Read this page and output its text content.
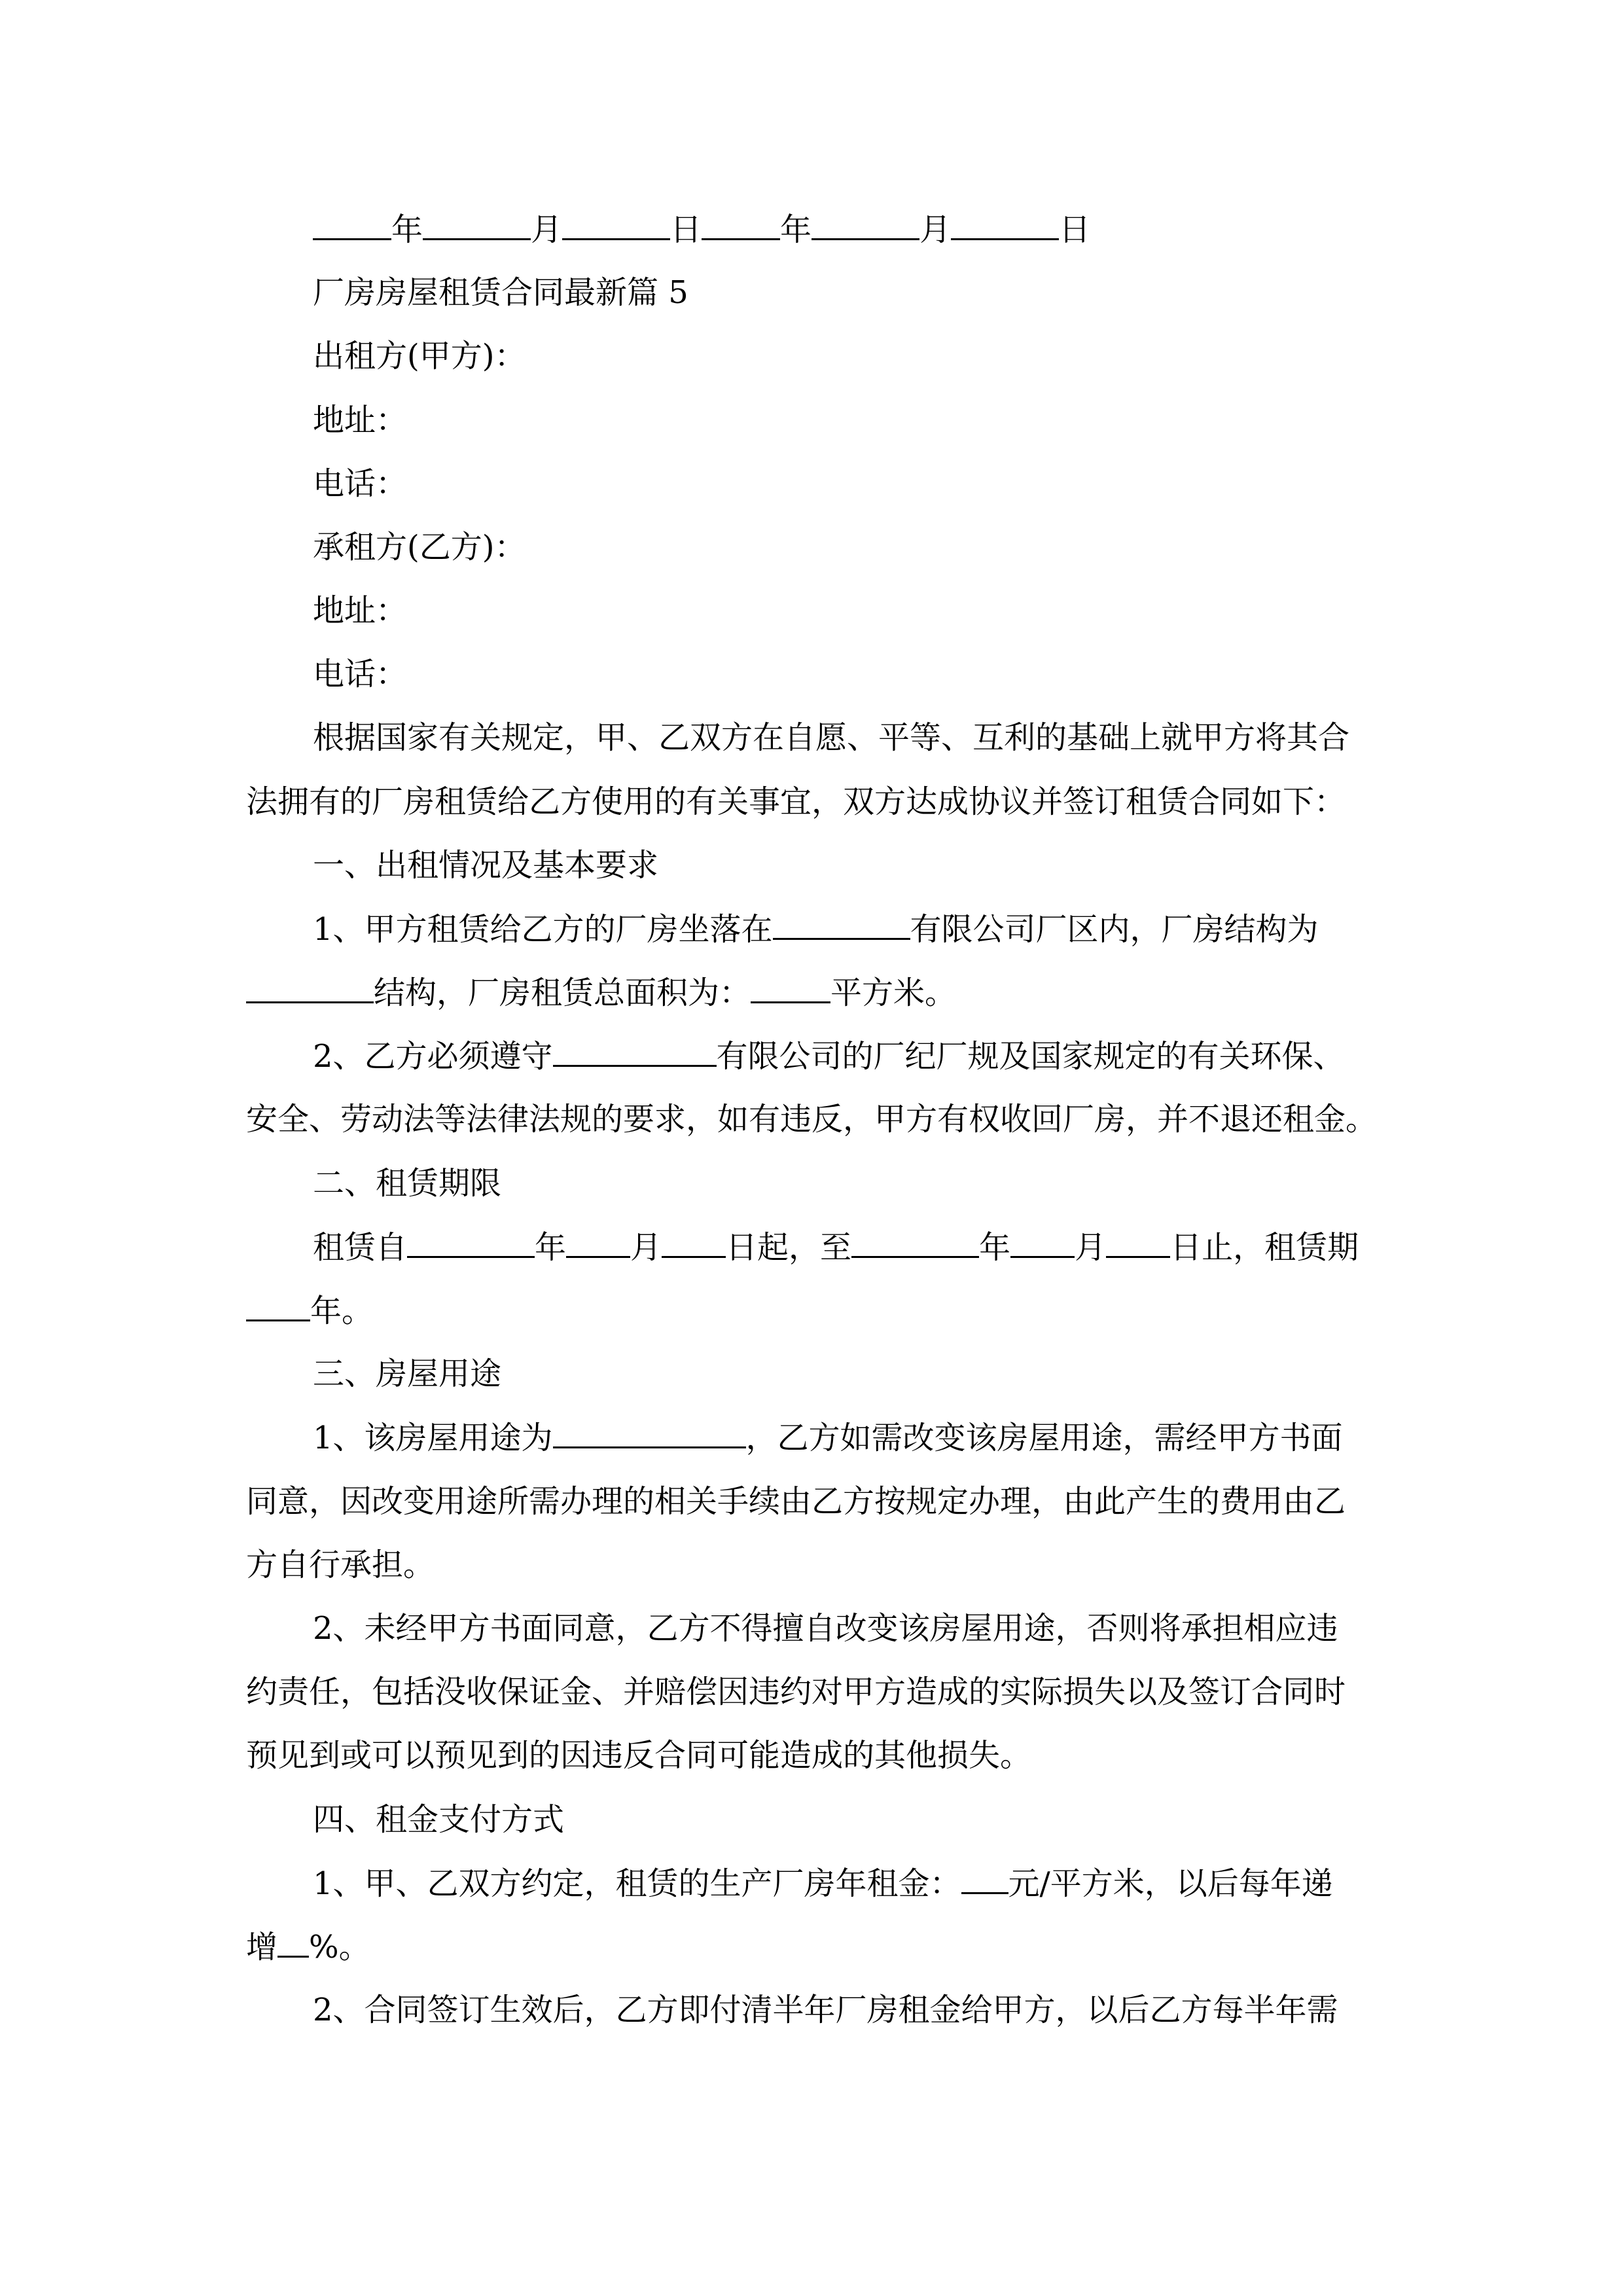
年	月	日	年	月	日

厂房房屋租赁合同最新篇 5

出租方(甲方)：

地址：

电话：

承租方(乙方)：

地址：

电话：

根据国家有关规定，甲、乙双方在自愿、平等、互利的基础上就甲方将其合

法拥有的厂房租赁给乙方使用的有关事宜，双方达成协议并签订租赁合同如下：

一、出租情况及基本要求

1、甲方租赁给乙方的厂房坐落在	有限公司厂区内，厂房结构为

结构，厂房租赁总面积为：	平方米。

2、乙方必须遵守	有限公司的厂纪厂规及国家规定的有关环保、

安全、劳动法等法律法规的要求，如有违反，甲方有权收回厂房，并不退还租金。

二、租赁期限

租赁自	年 月 日起，至	年 月 日止，租赁期

年。

三、房屋用途

1、该房屋用途为	，乙方如需改变该房屋用途，需经甲方书面

同意，因改变用途所需办理的相关手续由乙方按规定办理，由此产生的费用由乙

方自行承担。

2、未经甲方书面同意，乙方不得擅自改变该房屋用途，否则将承担相应违

约责任，包括没收保证金、并赔偿因违约对甲方造成的实际损失以及签订合同时

预见到或可以预见到的因违反合同可能造成的其他损失。

四、租金支付方式

1、甲、乙双方约定，租赁的生产厂房年租金： 元/平方米，以后每年递

增 %。

2、合同签订生效后，乙方即付清半年厂房租金给甲方，以后乙方每半年需
